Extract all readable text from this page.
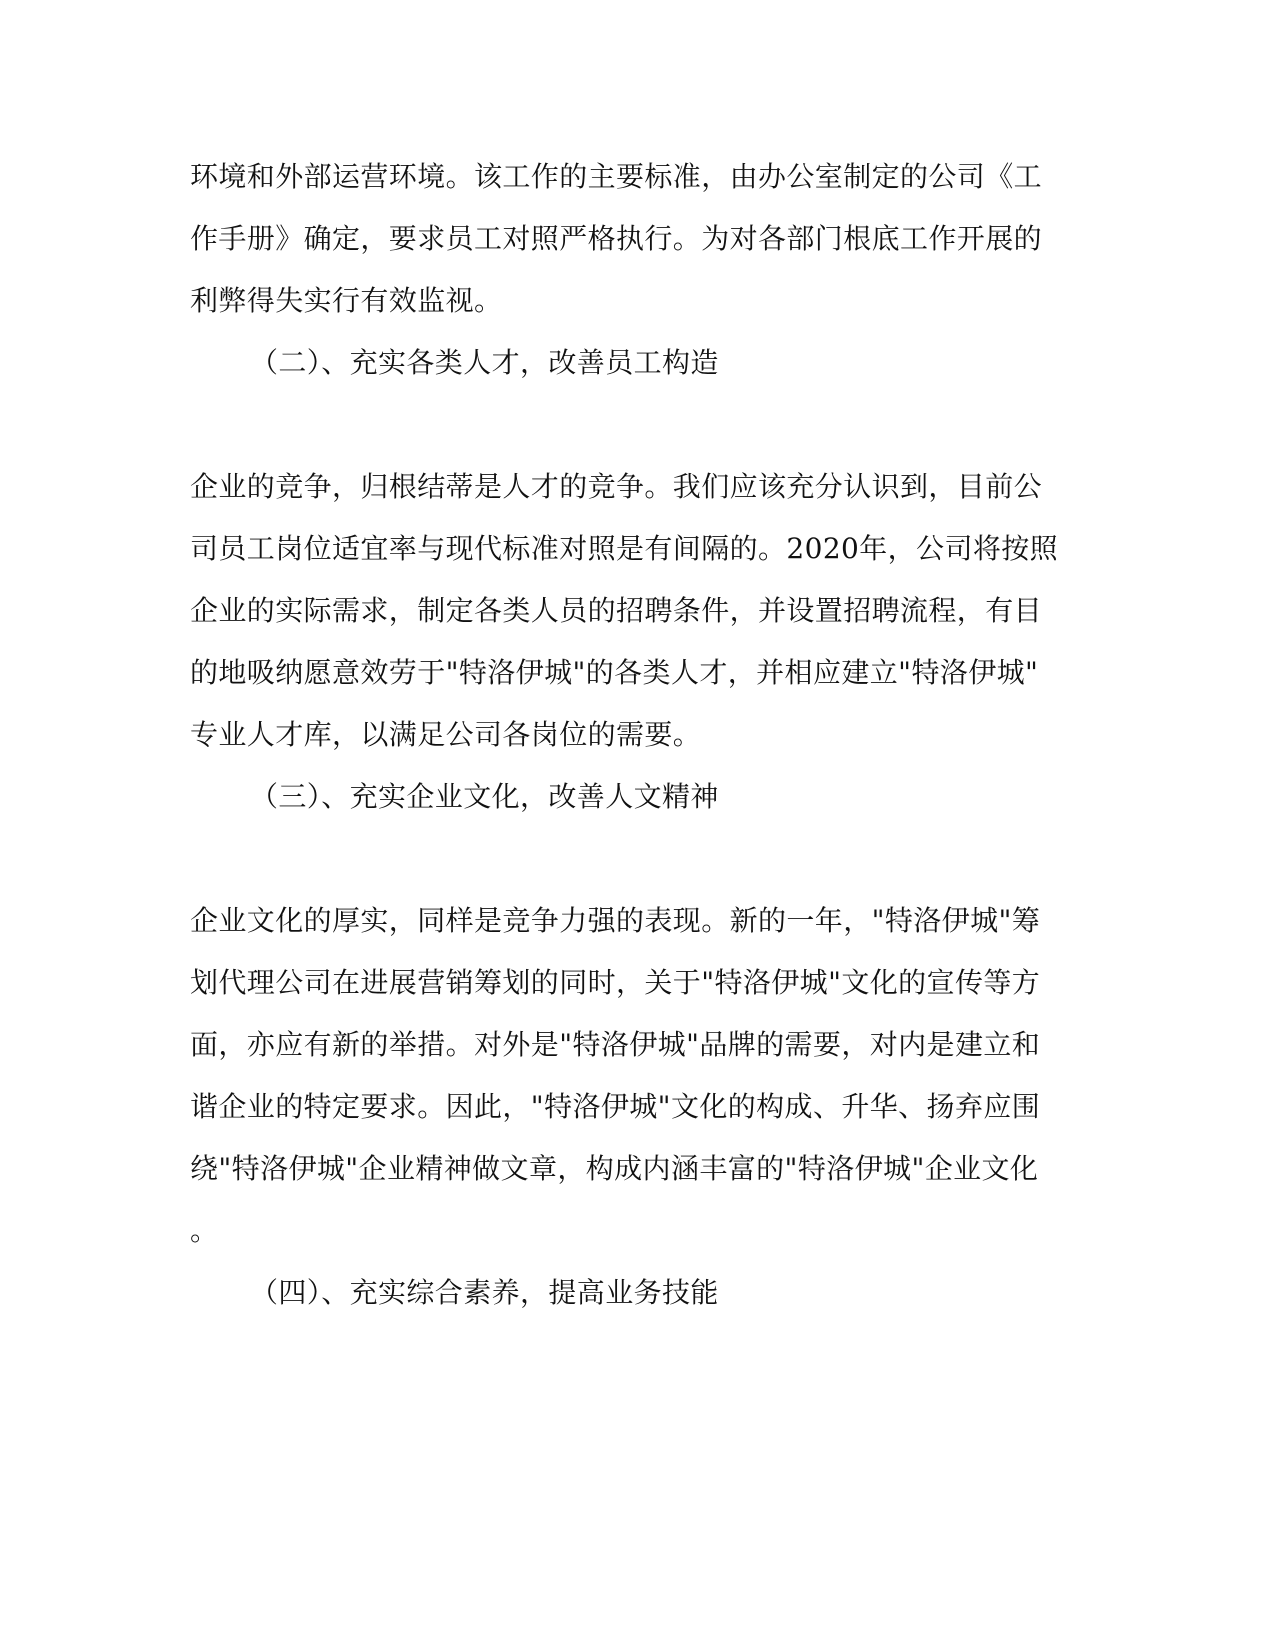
环境和外部运营环境。该工作的主要标准，由办公室制定的公司《工
作手册》确定，要求员工对照严格执行。为对各部门根底工作开展的
利弊得失实行有效监视。
（二）、充实各类人才，改善员工构造
企业的竞争，归根结蒂是人才的竞争。我们应该充分认识到，目前公
司员工岗位适宜率与现代标准对照是有间隔的。2020年，公司将按照
企业的实际需求，制定各类人员的招聘条件，并设置招聘流程，有目
的地吸纳愿意效劳于"特洛伊城"的各类人才，并相应建立"特洛伊城"
专业人才库，以满足公司各岗位的需要。
（三）、充实企业文化，改善人文精神
企业文化的厚实，同样是竞争力强的表现。新的一年，"特洛伊城"筹
划代理公司在进展营销筹划的同时，关于"特洛伊城"文化的宣传等方
面，亦应有新的举措。对外是"特洛伊城"品牌的需要，对内是建立和
谐企业的特定要求。因此，"特洛伊城"文化的构成、升华、扬弃应围
绕"特洛伊城"企业精神做文章，构成内涵丰富的"特洛伊城"企业文化
。
（四）、充实综合素养，提高业务技能
